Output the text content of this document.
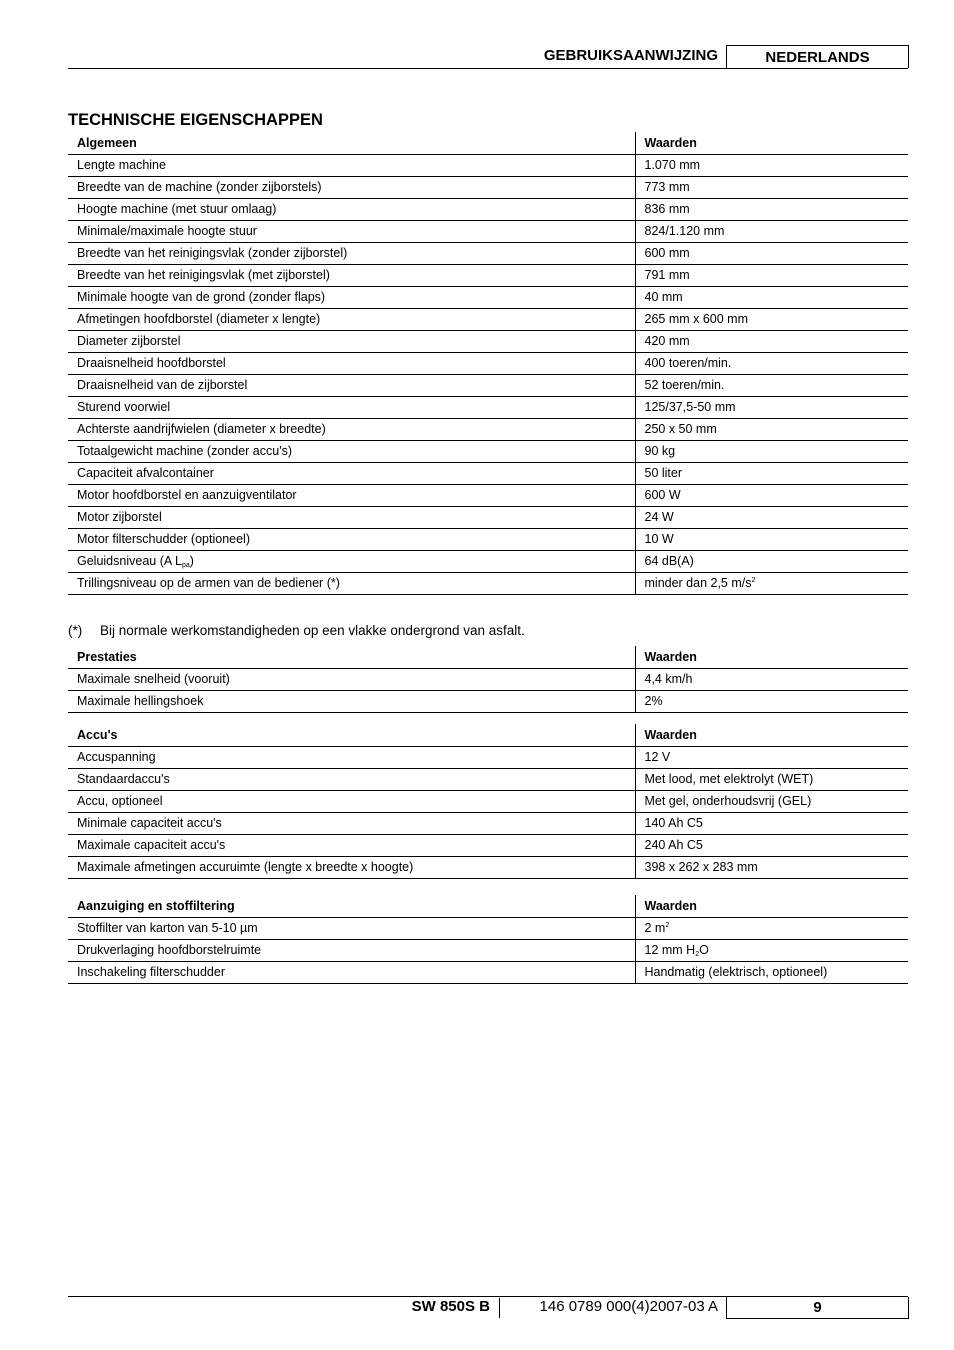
GEBRUIKSAANWIJZING	NEDERLANDS
TECHNISCHE EIGENSCHAPPEN
Algemeen	Waarden
Lengte machine	1.070 mm
Breedte van de machine (zonder zijborstels)	773 mm
Hoogte machine (met stuur omlaag)	836 mm
Minimale/maximale hoogte stuur	824/1.120 mm
Breedte van het reinigingsvlak (zonder zijborstel)	600 mm
Breedte van het reinigingsvlak (met zijborstel)	791 mm
Minimale hoogte van de grond (zonder flaps)	40 mm
Afmetingen hoofdborstel (diameter x lengte)	265 mm x 600 mm
Diameter zijborstel	420 mm
Draaisnelheid hoofdborstel	400 toeren/min.
Draaisnelheid van de zijborstel	52 toeren/min.
Sturend voorwiel	125/37,5-50 mm
Achterste aandrijfwielen (diameter x breedte)	250 x 50 mm
Totaalgewicht machine (zonder accu's)	90 kg
Capaciteit afvalcontainer	50 liter
Motor hoofdborstel en aanzuigventilator	600 W
Motor zijborstel	24 W
Motor filterschudder (optioneel)	10 W
Geluidsniveau (A $L_{pa}$)	64 dB(A)
Trillingsniveau op de armen van de bediener (*)	minder dan 2,5 $m/s^2$
(*) Bij normale werkomstandigheden op een vlakke ondergrond van asfalt.
Prestaties	Waarden
Maximale snelheid (vooruit)	4,4 km/h
Maximale hellingshoek	2%
Accu's	Waarden
Accuspanning	12 V
Standaardaccu's	Met lood, met elektrolyt (WET)
Accu, optioneel	Met gel, onderhoudsvrij (GEL)
Minimale capaciteit accu's	140 Ah C5
Maximale capaciteit accu's	240 Ah C5
Maximale afmetingen accuruimte (lengte x breedte x hoogte)	398 x 262 x 283 mm
Aanzuiging en stoffiltering	Waarden
Stoffilter van karton van 5-10 µm	2 $m^2$
Drukverlaging hoofdborstelruimte	12 mm $H_2O$
Inschakeling filterschudder	Handmatig (elektrisch, optioneel)
SW 850S B	146 0789 000(4)2007-03 A	9
